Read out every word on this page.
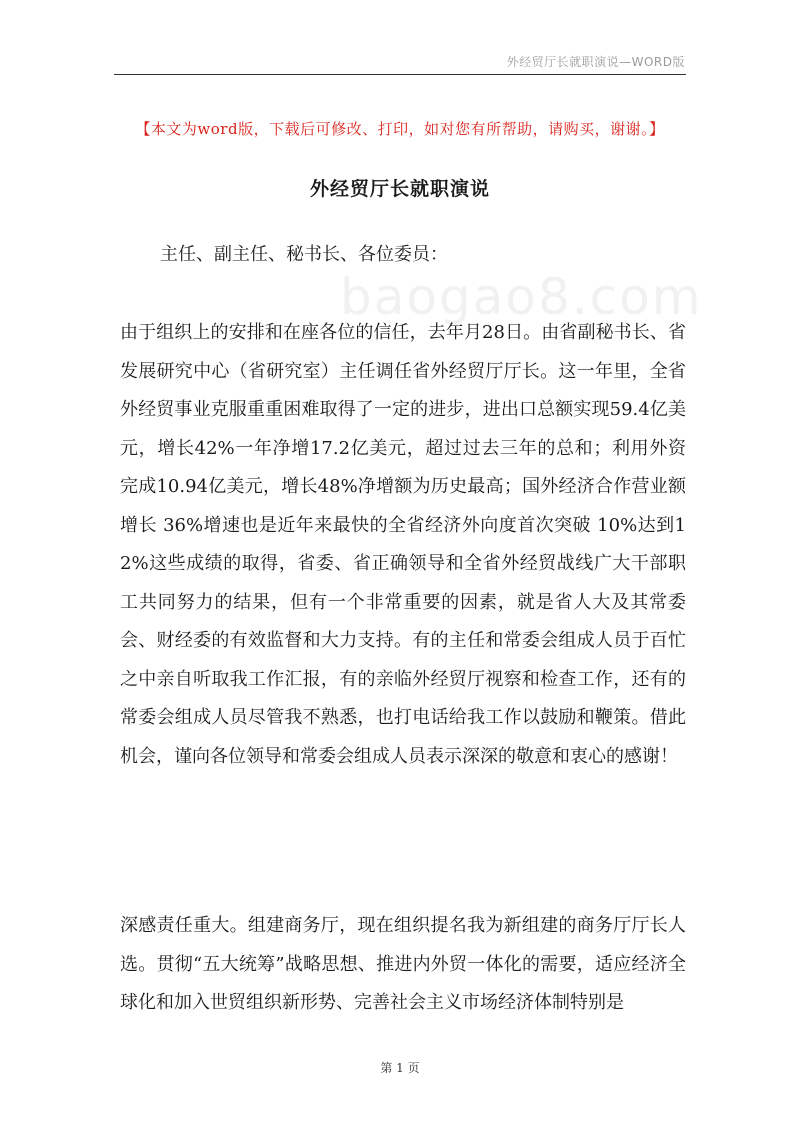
外经贸厅长就职演说—WORD版
【本文为word版，下载后可修改、打印，如对您有所帮助，请购买，谢谢。】
外经贸厅长就职演说
baogao8.com
主任、副主任、秘书长、各位委员：
由于组织上的安排和在座各位的信任，去年月28日。由省副秘书长、省发展研究中心（省研究室）主任调任省外经贸厅厅长。这一年里，全省外经贸事业克服重重困难取得了一定的进步，进出口总额实现59.4亿美元，增长42%一年净增17.2亿美元，超过过去三年的总和；利用外资完成10.94亿美元，增长48%净增额为历史最高；国外经济合作营业额增长 36%增速也是近年来最快的全省经济外向度首次突破 10%达到12%这些成绩的取得，省委、省正确领导和全省外经贸战线广大干部职工共同努力的结果，但有一个非常重要的因素，就是省人大及其常委会、财经委的有效监督和大力支持。有的主任和常委会组成人员于百忙之中亲自听取我工作汇报，有的亲临外经贸厅视察和检查工作，还有的常委会组成人员尽管我不熟悉，也打电话给我工作以鼓励和鞭策。借此机会，谨向各位领导和常委会组成人员表示深深的敬意和衷心的感谢！
深感责任重大。组建商务厅，现在组织提名我为新组建的商务厅厅长人选。贯彻“五大统筹”战略思想、推进内外贸一体化的需要，适应经济全球化和加入世贸组织新形势、完善社会主义市场经济体制特别是
第 1 页
